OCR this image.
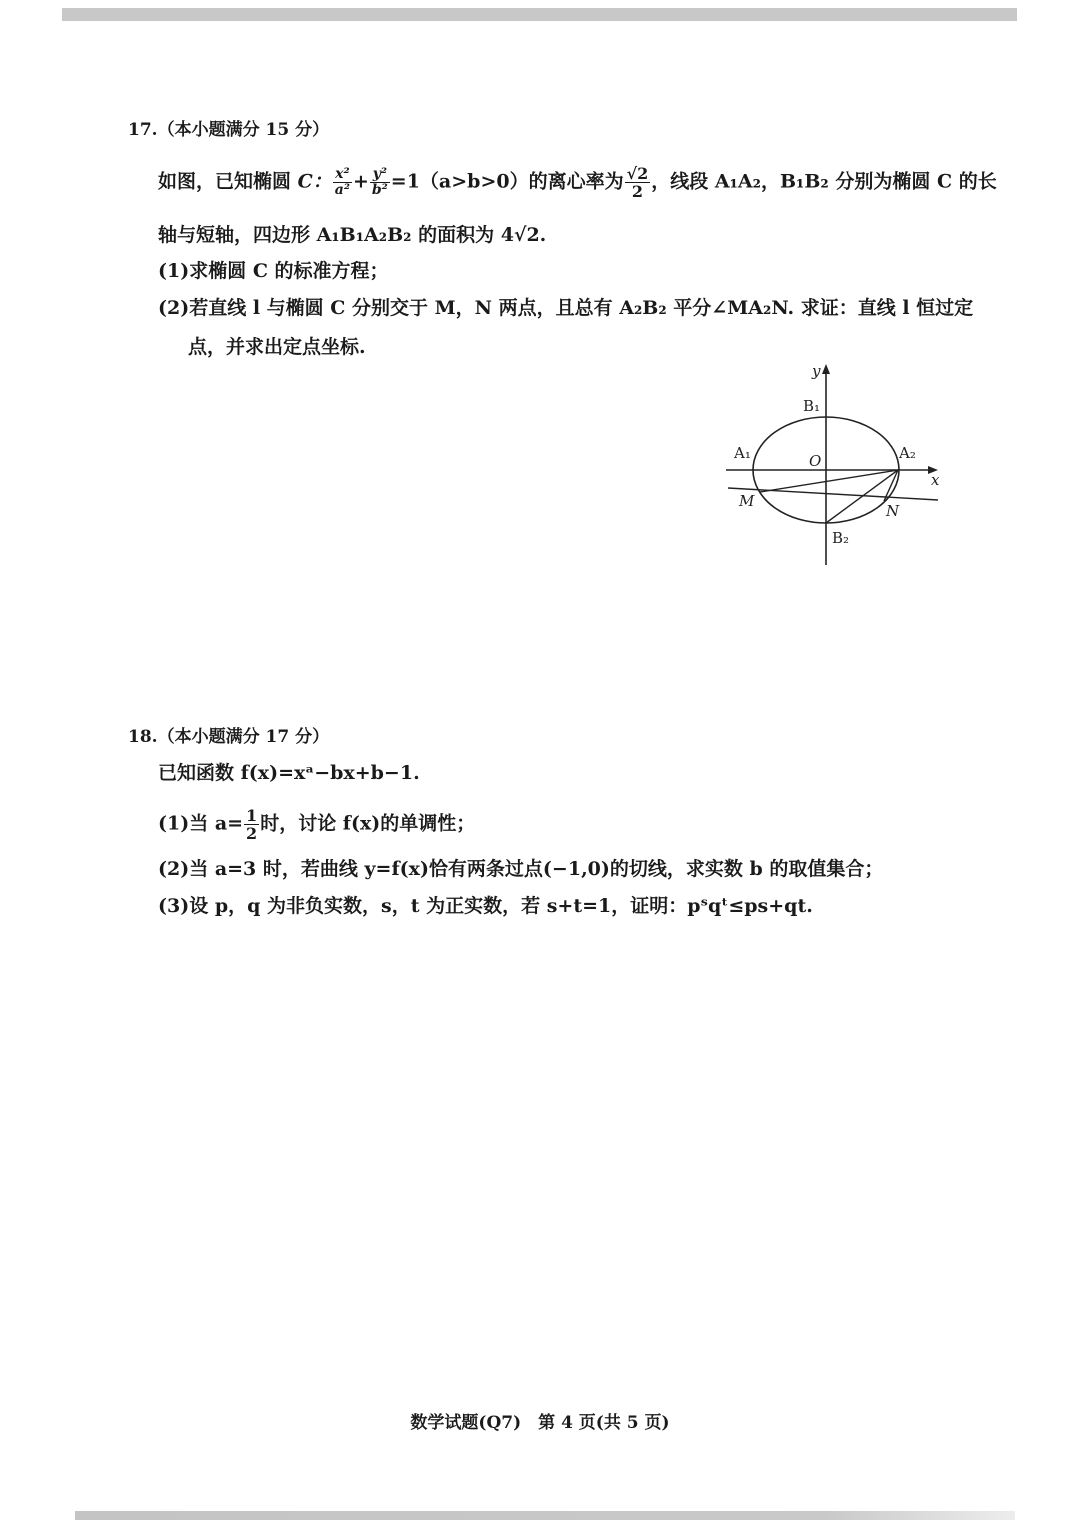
17.（本小题满分 15 分）
如图，已知椭圆 C： $\frac{\text{x²}}{\text{a²}} + \frac{\text{y²}}{\text{b²}} =1(a>b>0)$的离心率为 $\frac{√2}{2}$ ，线段 A₁A₂，B₁B₂ 分别为椭圆 C 的长
轴与短轴，四边形 A₁B₁A₂B₂ 的面积为 4√2.
(1)求椭圆 C 的标准方程；
(2)若直线 l 与椭圆 C 分别交于 M，N 两点，且总有 A₂B₂ 平分∠MA₂N. 求证：直线 l 恒过定
点，并求出定点坐标.
y
x
B₁
B₂
A₁	A₂
O
M
N
18.（本小题满分 17 分）
已知函数 f(x)=xᵃ−bx+b−1.
(1)当 $a= \frac{1}{2}$ 时，讨论 f(x)的单调性；
(2)当 a=3 时，若曲线 y=f(x)恰有两条过点(−1,0)的切线，求实数 b 的取值集合；
(3)设 p，q 为非负实数，s，t 为正实数，若 s+t=1，证明：pˢqᵗ≤ps+qt.
数学试题(Q7)　第 4 页(共 5 页)
